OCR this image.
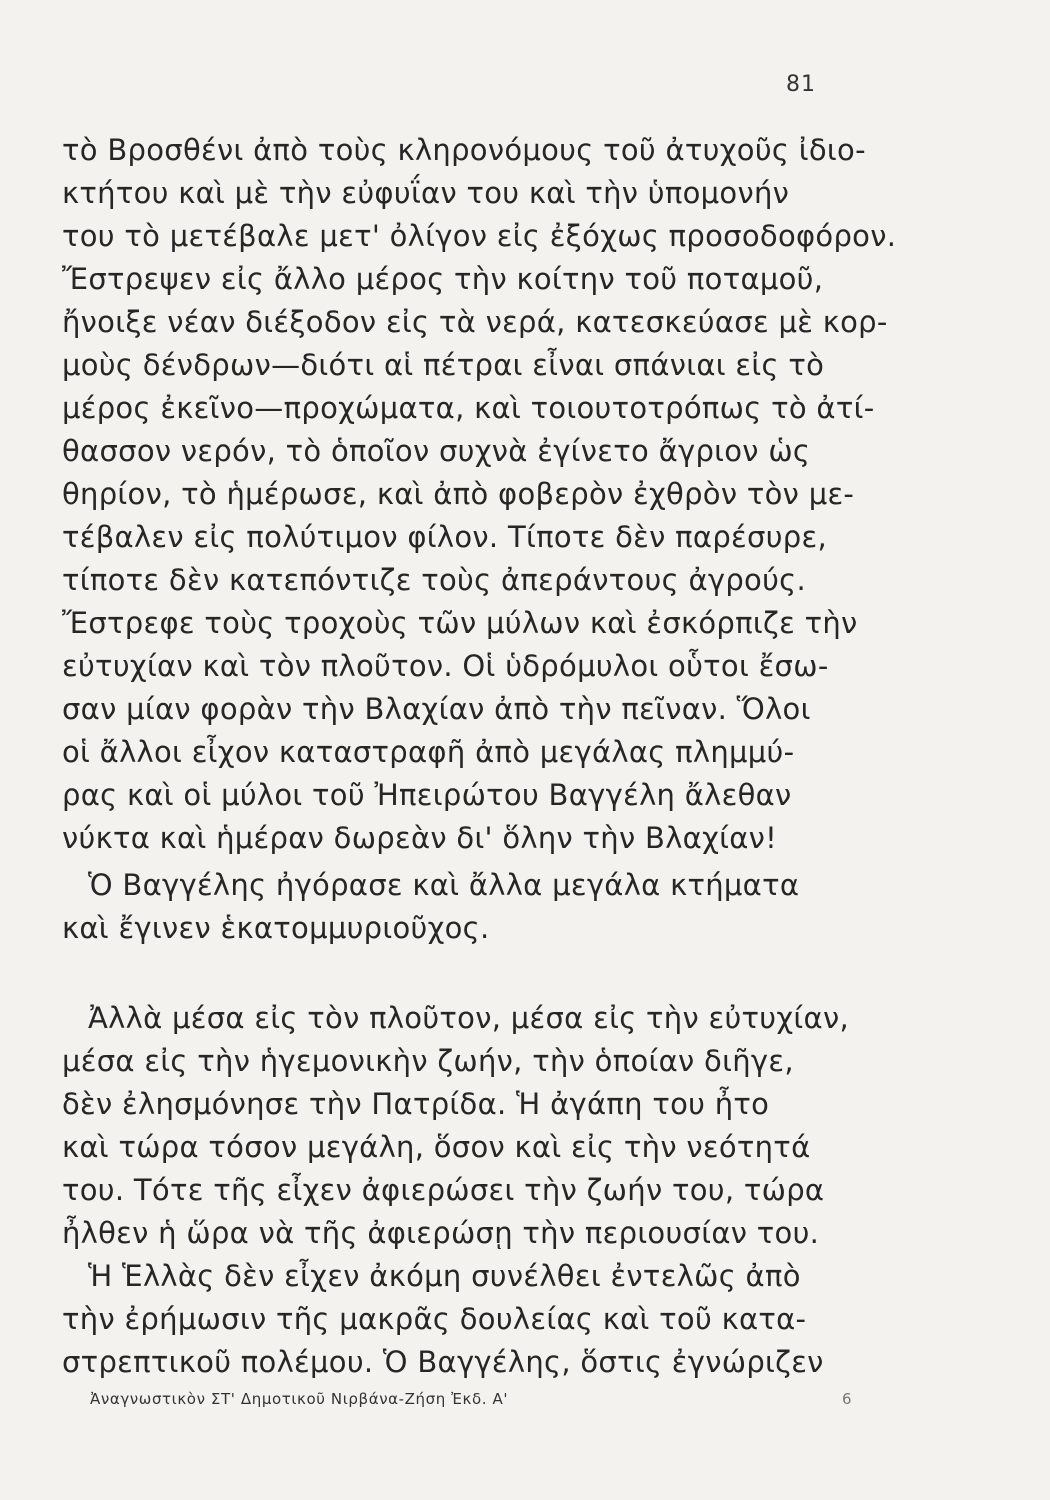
81
τὸ Βροσθένι ἀπὸ τοὺς κληρονόμους τοῦ ἀτυχοῦς ἰδιο-
κτήτου καὶ μὲ τὴν εὐφυΐαν του καὶ τὴν ὑπομονήν
του τὸ μετέβαλε μετ' ὀλίγον εἰς ἐξόχως προσοδοφόρον.
Ἔστρεψεν εἰς ἄλλο μέρος τὴν κοίτην τοῦ ποταμοῦ,
ἤνοιξε νέαν διέξοδον εἰς τὰ νερά, κατεσκεύασε μὲ κορ-
μοὺς δένδρων—διότι αἱ πέτραι εἶναι σπάνιαι εἰς τὸ
μέρος ἐκεῖνο—προχώματα, καὶ τοιουτοτρόπως τὸ ἀτί-
θασσον νερόν, τὸ ὁποῖον συχνὰ ἐγίνετο ἄγριον ὡς
θηρίον, τὸ ἡμέρωσε, καὶ ἀπὸ φοβερὸν ἐχθρὸν τὸν με-
τέβαλεν εἰς πολύτιμον φίλον. Τίποτε δὲν παρέσυρε,
τίποτε δὲν κατεπόντιζε τοὺς ἀπεράντους ἀγρούς.
Ἔστρεφε τοὺς τροχοὺς τῶν μύλων καὶ ἐσκόρπιζε τὴν
εὐτυχίαν καὶ τὸν πλοῦτον. Οἱ ὑδρόμυλοι οὗτοι ἔσω-
σαν μίαν φορὰν τὴν Βλαχίαν ἀπὸ τὴν πεῖναν. Ὅλοι
οἱ ἄλλοι εἶχον καταστραφῆ ἀπὸ μεγάλας πλημμύ-
ρας καὶ οἱ μύλοι τοῦ Ἠπειρώτου Βαγγέλη ἄλεθαν
νύκτα καὶ ἡμέραν δωρεὰν δι' ὅλην τὴν Βλαχίαν!
Ὁ Βαγγέλης ἠγόρασε καὶ ἄλλα μεγάλα κτήματα
καὶ ἔγινεν ἑκατομμυριοῦχος.
Ἀλλὰ μέσα εἰς τὸν πλοῦτον, μέσα εἰς τὴν εὐτυχίαν,
μέσα εἰς τὴν ἡγεμονικὴν ζωήν, τὴν ὁποίαν διῆγε,
δὲν ἐλησμόνησε τὴν Πατρίδα. Ἡ ἀγάπη του ἦτο
καὶ τώρα τόσον μεγάλη, ὅσον καὶ εἰς τὴν νεότητά
του. Τότε τῆς εἶχεν ἀφιερώσει τὴν ζωήν του, τώρα
ἦλθεν ἡ ὥρα νὰ τῆς ἀφιερώσῃ τὴν περιουσίαν του.
Ἡ Ἑλλὰς δὲν εἶχεν ἀκόμη συνέλθει ἐντελῶς ἀπὸ
τὴν ἐρήμωσιν τῆς μακρᾶς δουλείας καὶ τοῦ κατα-
στρεπτικοῦ πολέμου. Ὁ Βαγγέλης, ὅστις ἐγνώριζεν
Ἀναγνωστικὸν ΣΤ' Δημοτικοῦ Νιρβάνα-Ζήση Ἐκδ. Α'	6
